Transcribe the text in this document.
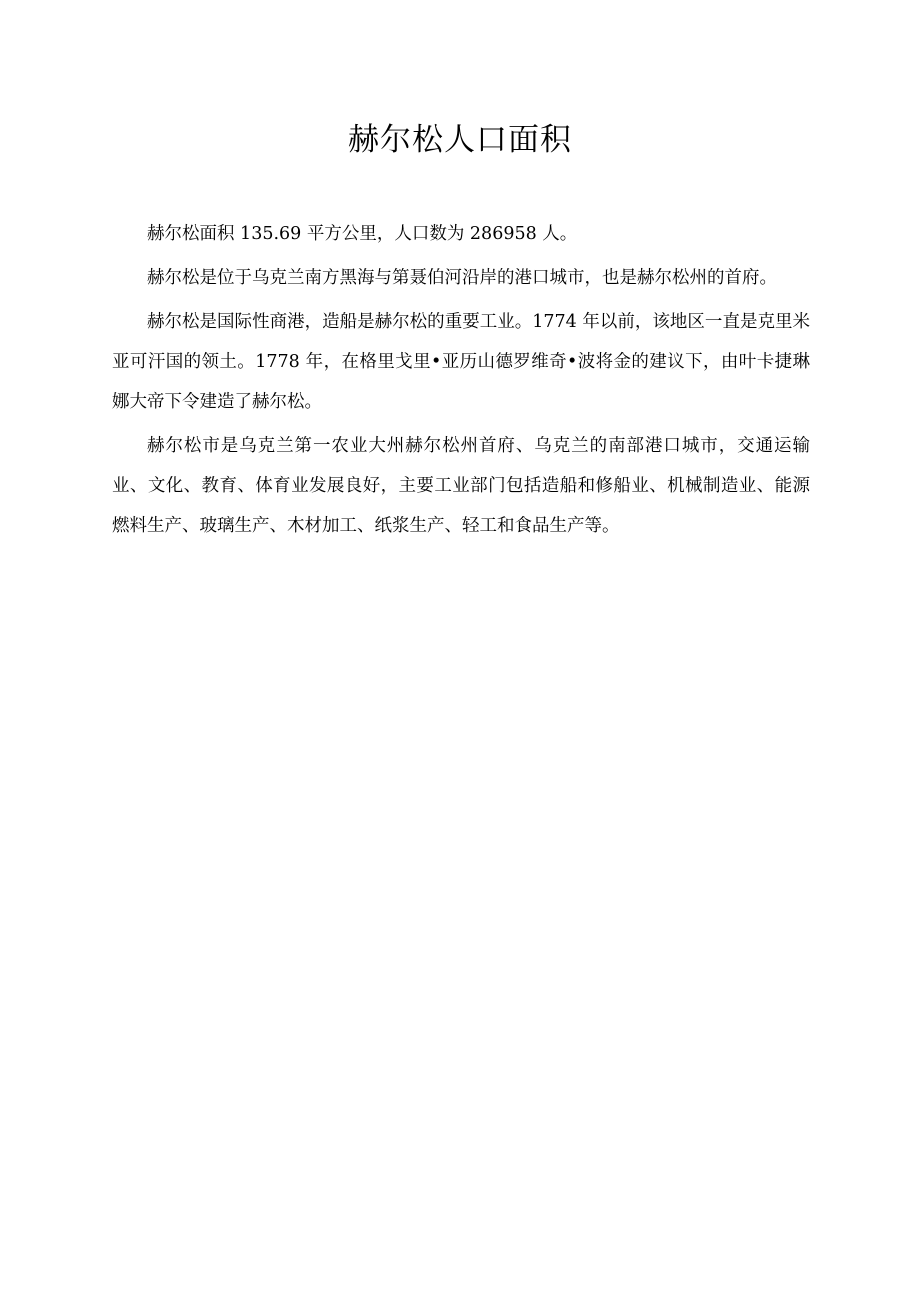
赫尔松人口面积

赫尔松面积 135.69 平方公里，人口数为 286958 人。

赫尔松是位于乌克兰南方黑海与第聂伯河沿岸的港口城市，也是赫尔松州的首府。

赫尔松是国际性商港，造船是赫尔松的重要工业。1774 年以前，该地区一直是克里米亚可汗国的领土。1778 年，在格里戈里•亚历山德罗维奇•波将金的建议下，由叶卡捷琳娜大帝下令建造了赫尔松。

赫尔松市是乌克兰第一农业大州赫尔松州首府、乌克兰的南部港口城市，交通运输业、文化、教育、体育业发展良好，主要工业部门包括造船和修船业、机械制造业、能源燃料生产、玻璃生产、木材加工、纸浆生产、轻工和食品生产等。
